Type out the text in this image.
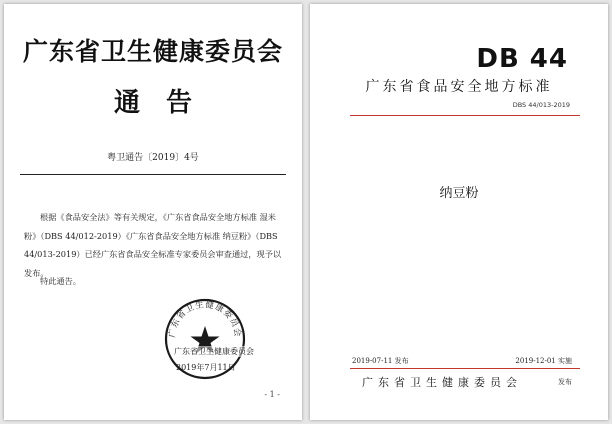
广东省卫生健康委员会
通告
粤卫通告〔2019〕4号

根据《食品安全法》等有关规定，《广东省食品安全地方标准 湿米粉》（DBS 44/012-2019）《广东省食品安全地方标准 纳豆粉》（DBS 44/013-2019）已经广东省食品安全标准专家委员会审查通过，现予以发布。

特此通告。
广东省卫生健康委员会
广东省卫生健康委员会
2019年7月11日
- 1 -
DB 44
广东省食品安全地方标准
DBS 44/013-2019
纳豆粉
2019-07-11 发布	2019-12-01 实施
广东省卫生健康委员会	发布
